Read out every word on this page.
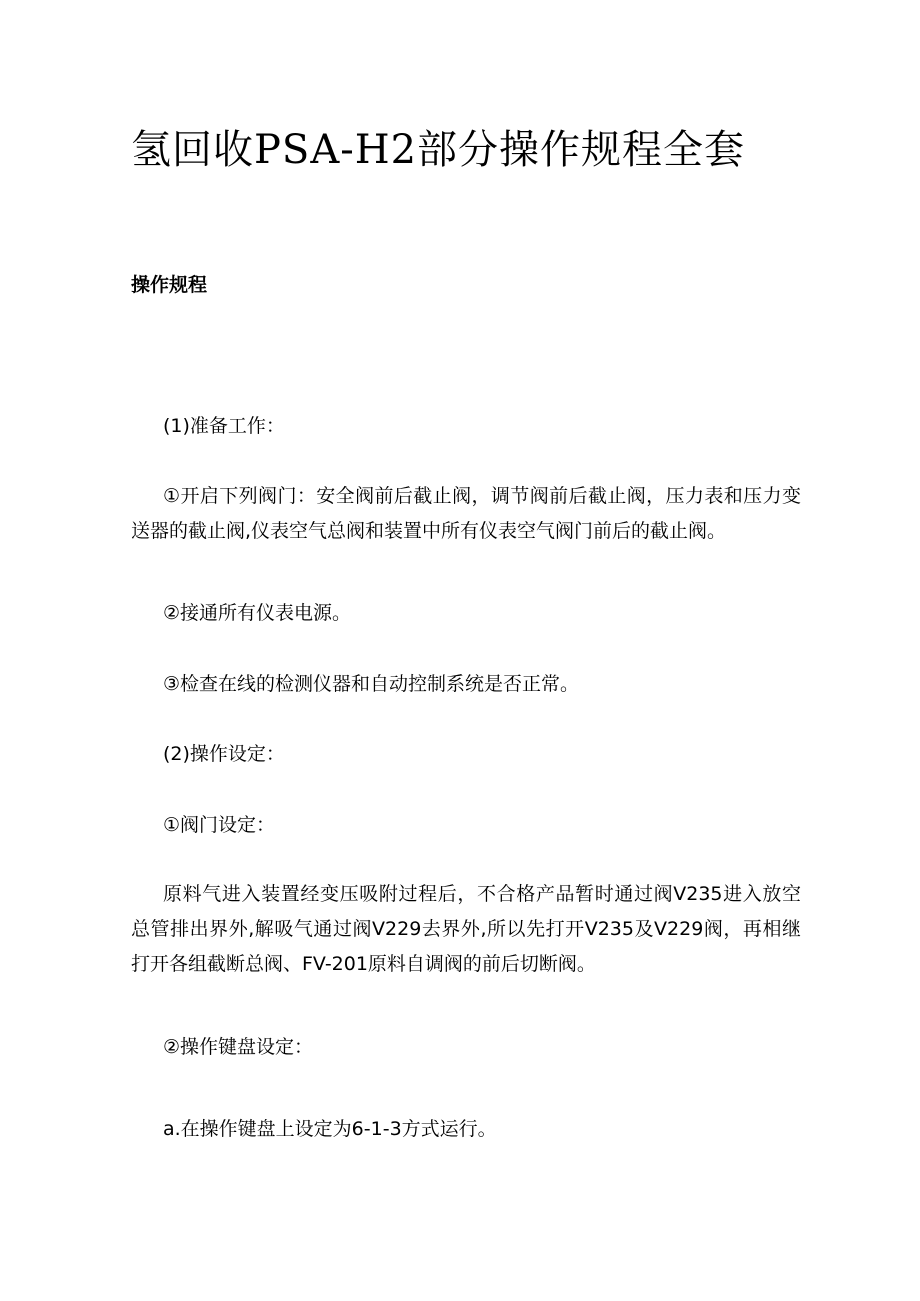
氢回收PSA-H2部分操作规程全套
操作规程

(1)准备工作：

①开启下列阀门：安全阀前后截止阀，调节阀前后截止阀，压力表和压力变送器的截止阀,仪表空气总阀和装置中所有仪表空气阀门前后的截止阀。

②接通所有仪表电源。

③检查在线的检测仪器和自动控制系统是否正常。

(2)操作设定：

①阀门设定：

原料气进入装置经变压吸附过程后，不合格产品暂时通过阀V235进入放空总管排出界外,解吸气通过阀V229去界外,所以先打开V235及V229阀，再相继打开各组截断总阀、FV-201原料自调阀的前后切断阀。

②操作键盘设定：

a.在操作键盘上设定为6-1-3方式运行。
